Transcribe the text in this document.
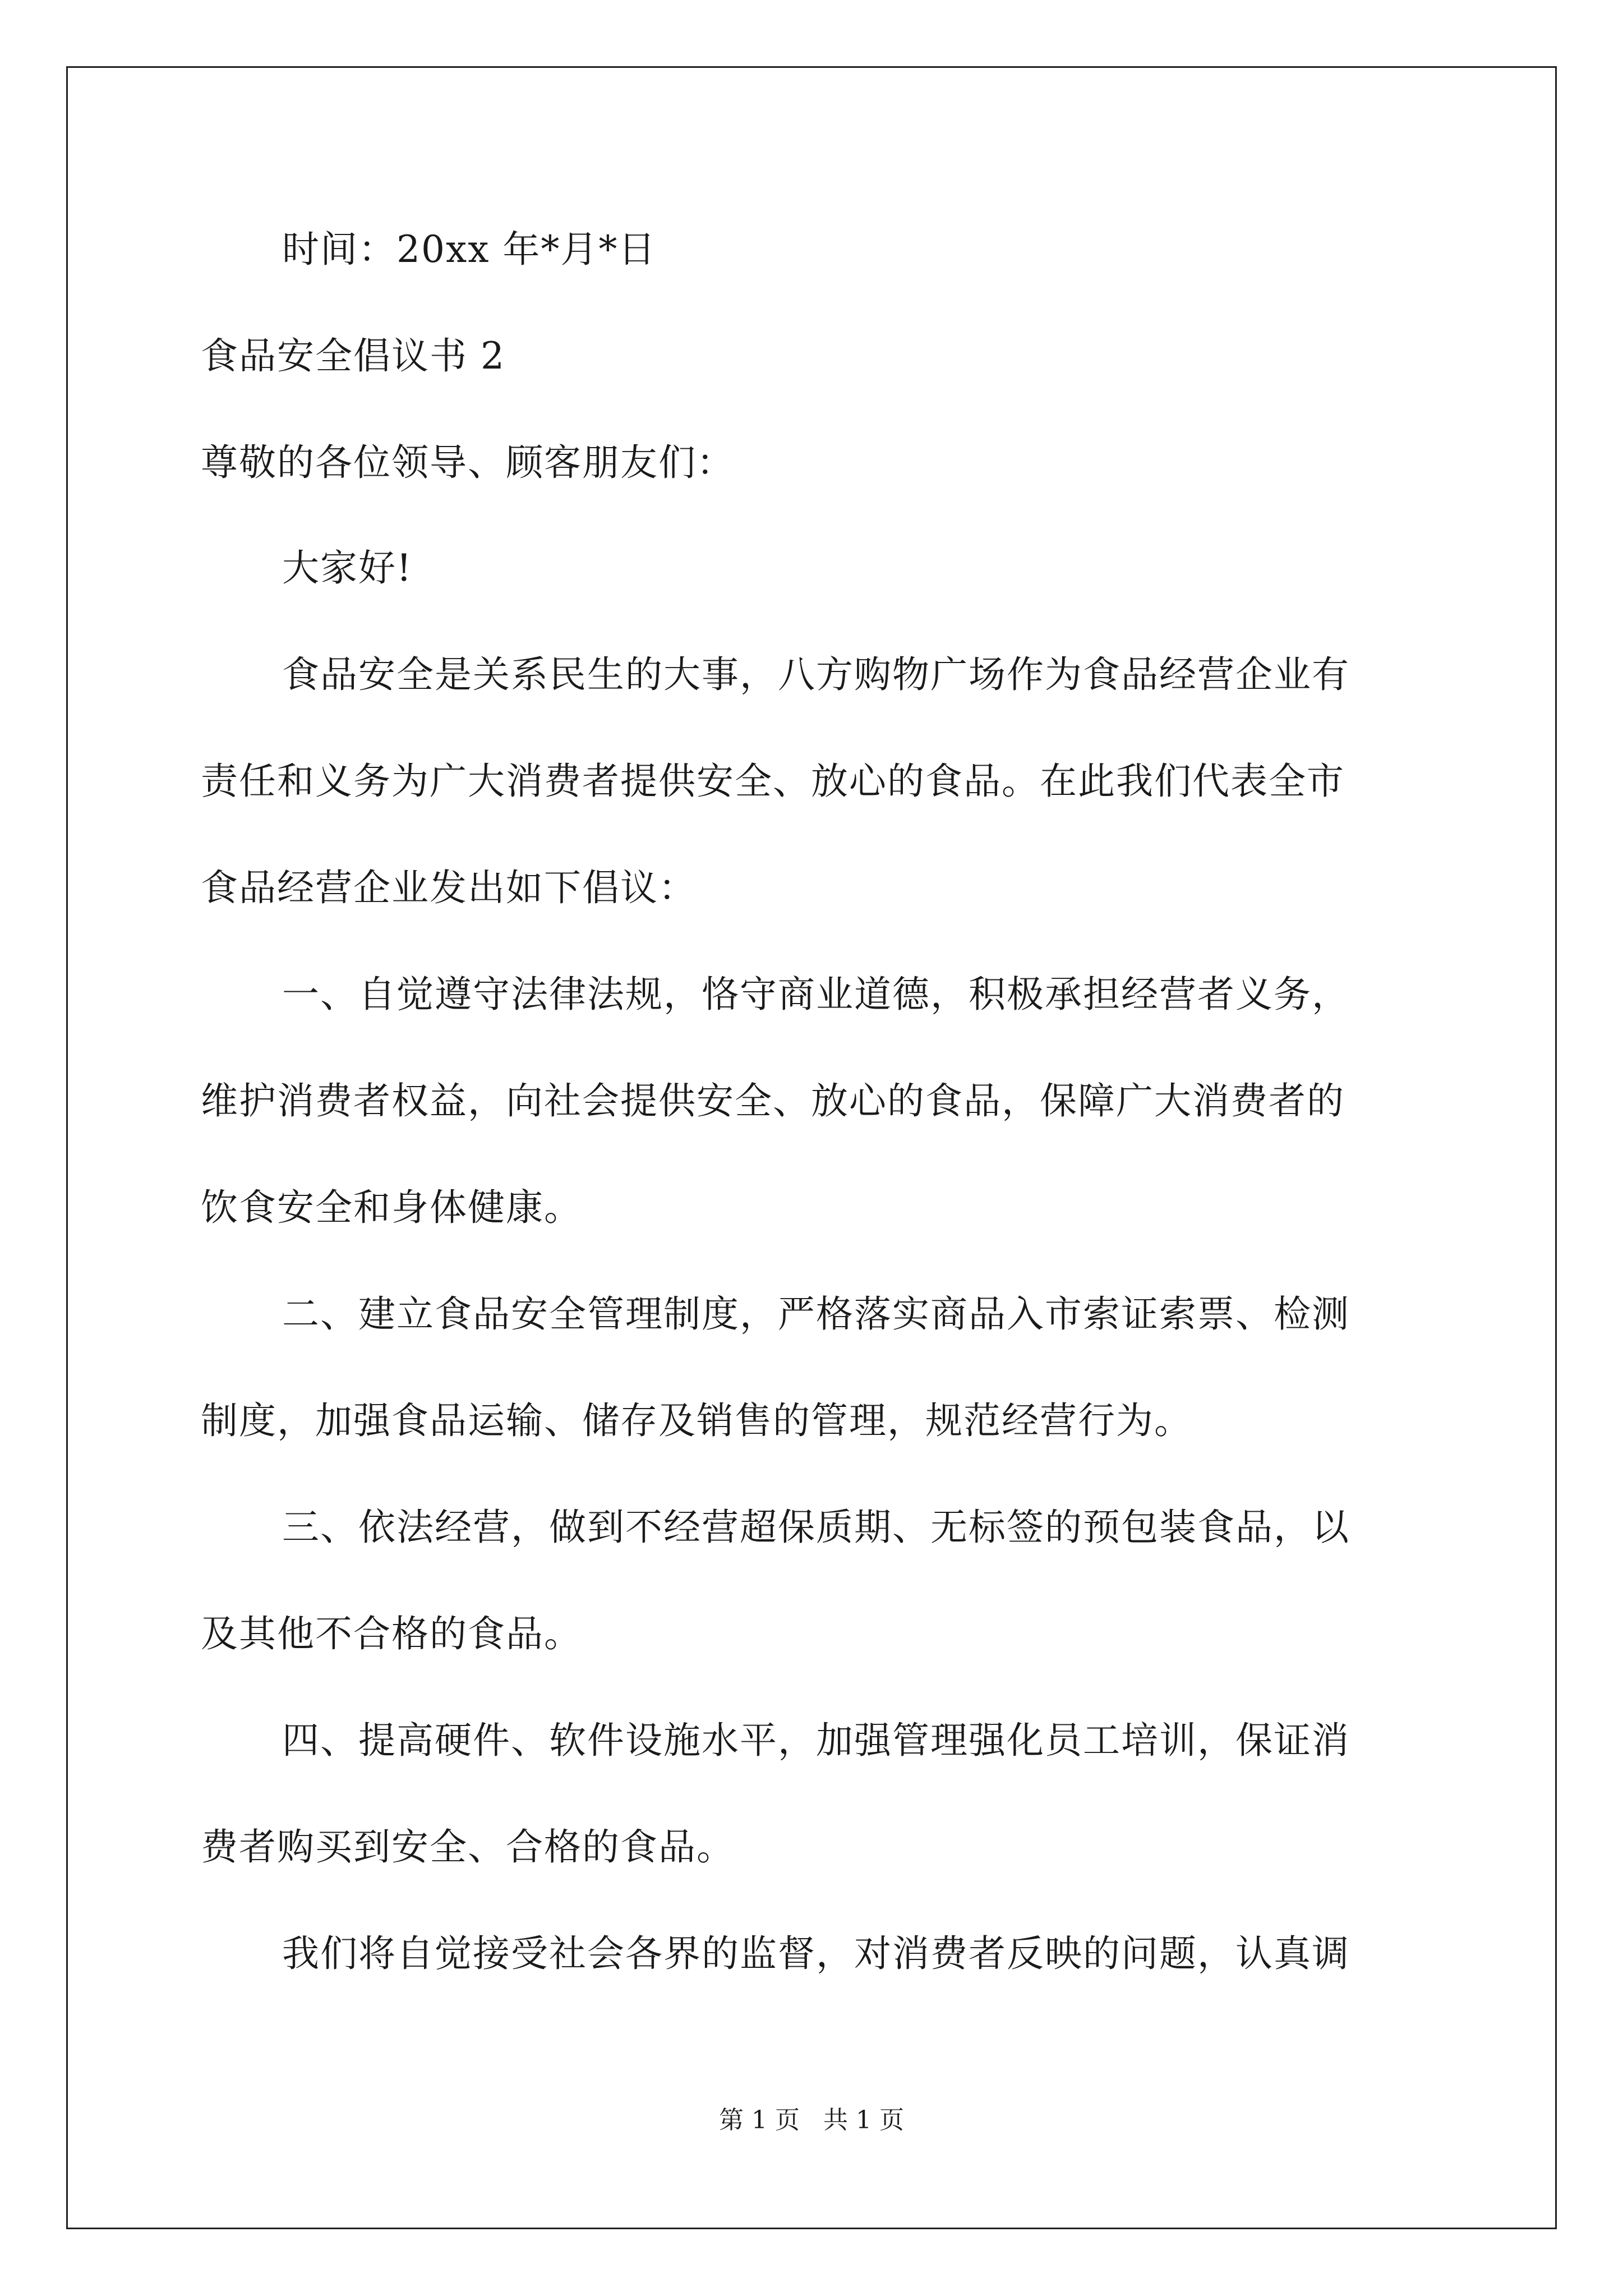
时间：20xx 年*月*日
食品安全倡议书 2
尊敬的各位领导、顾客朋友们：
大家好!
食品安全是关系民生的大事，八方购物广场作为食品经营企业有
责任和义务为广大消费者提供安全、放心的食品。在此我们代表全市
食品经营企业发出如下倡议：
一、自觉遵守法律法规，恪守商业道德，积极承担经营者义务，
维护消费者权益，向社会提供安全、放心的食品，保障广大消费者的
饮食安全和身体健康。
二、建立食品安全管理制度，严格落实商品入市索证索票、检测
制度，加强食品运输、储存及销售的管理，规范经营行为。
三、依法经营，做到不经营超保质期、无标签的预包装食品，以
及其他不合格的食品。
四、提高硬件、软件设施水平，加强管理强化员工培训，保证消
费者购买到安全、合格的食品。
我们将自觉接受社会各界的监督，对消费者反映的问题，认真调
第 1 页 共 1 页
